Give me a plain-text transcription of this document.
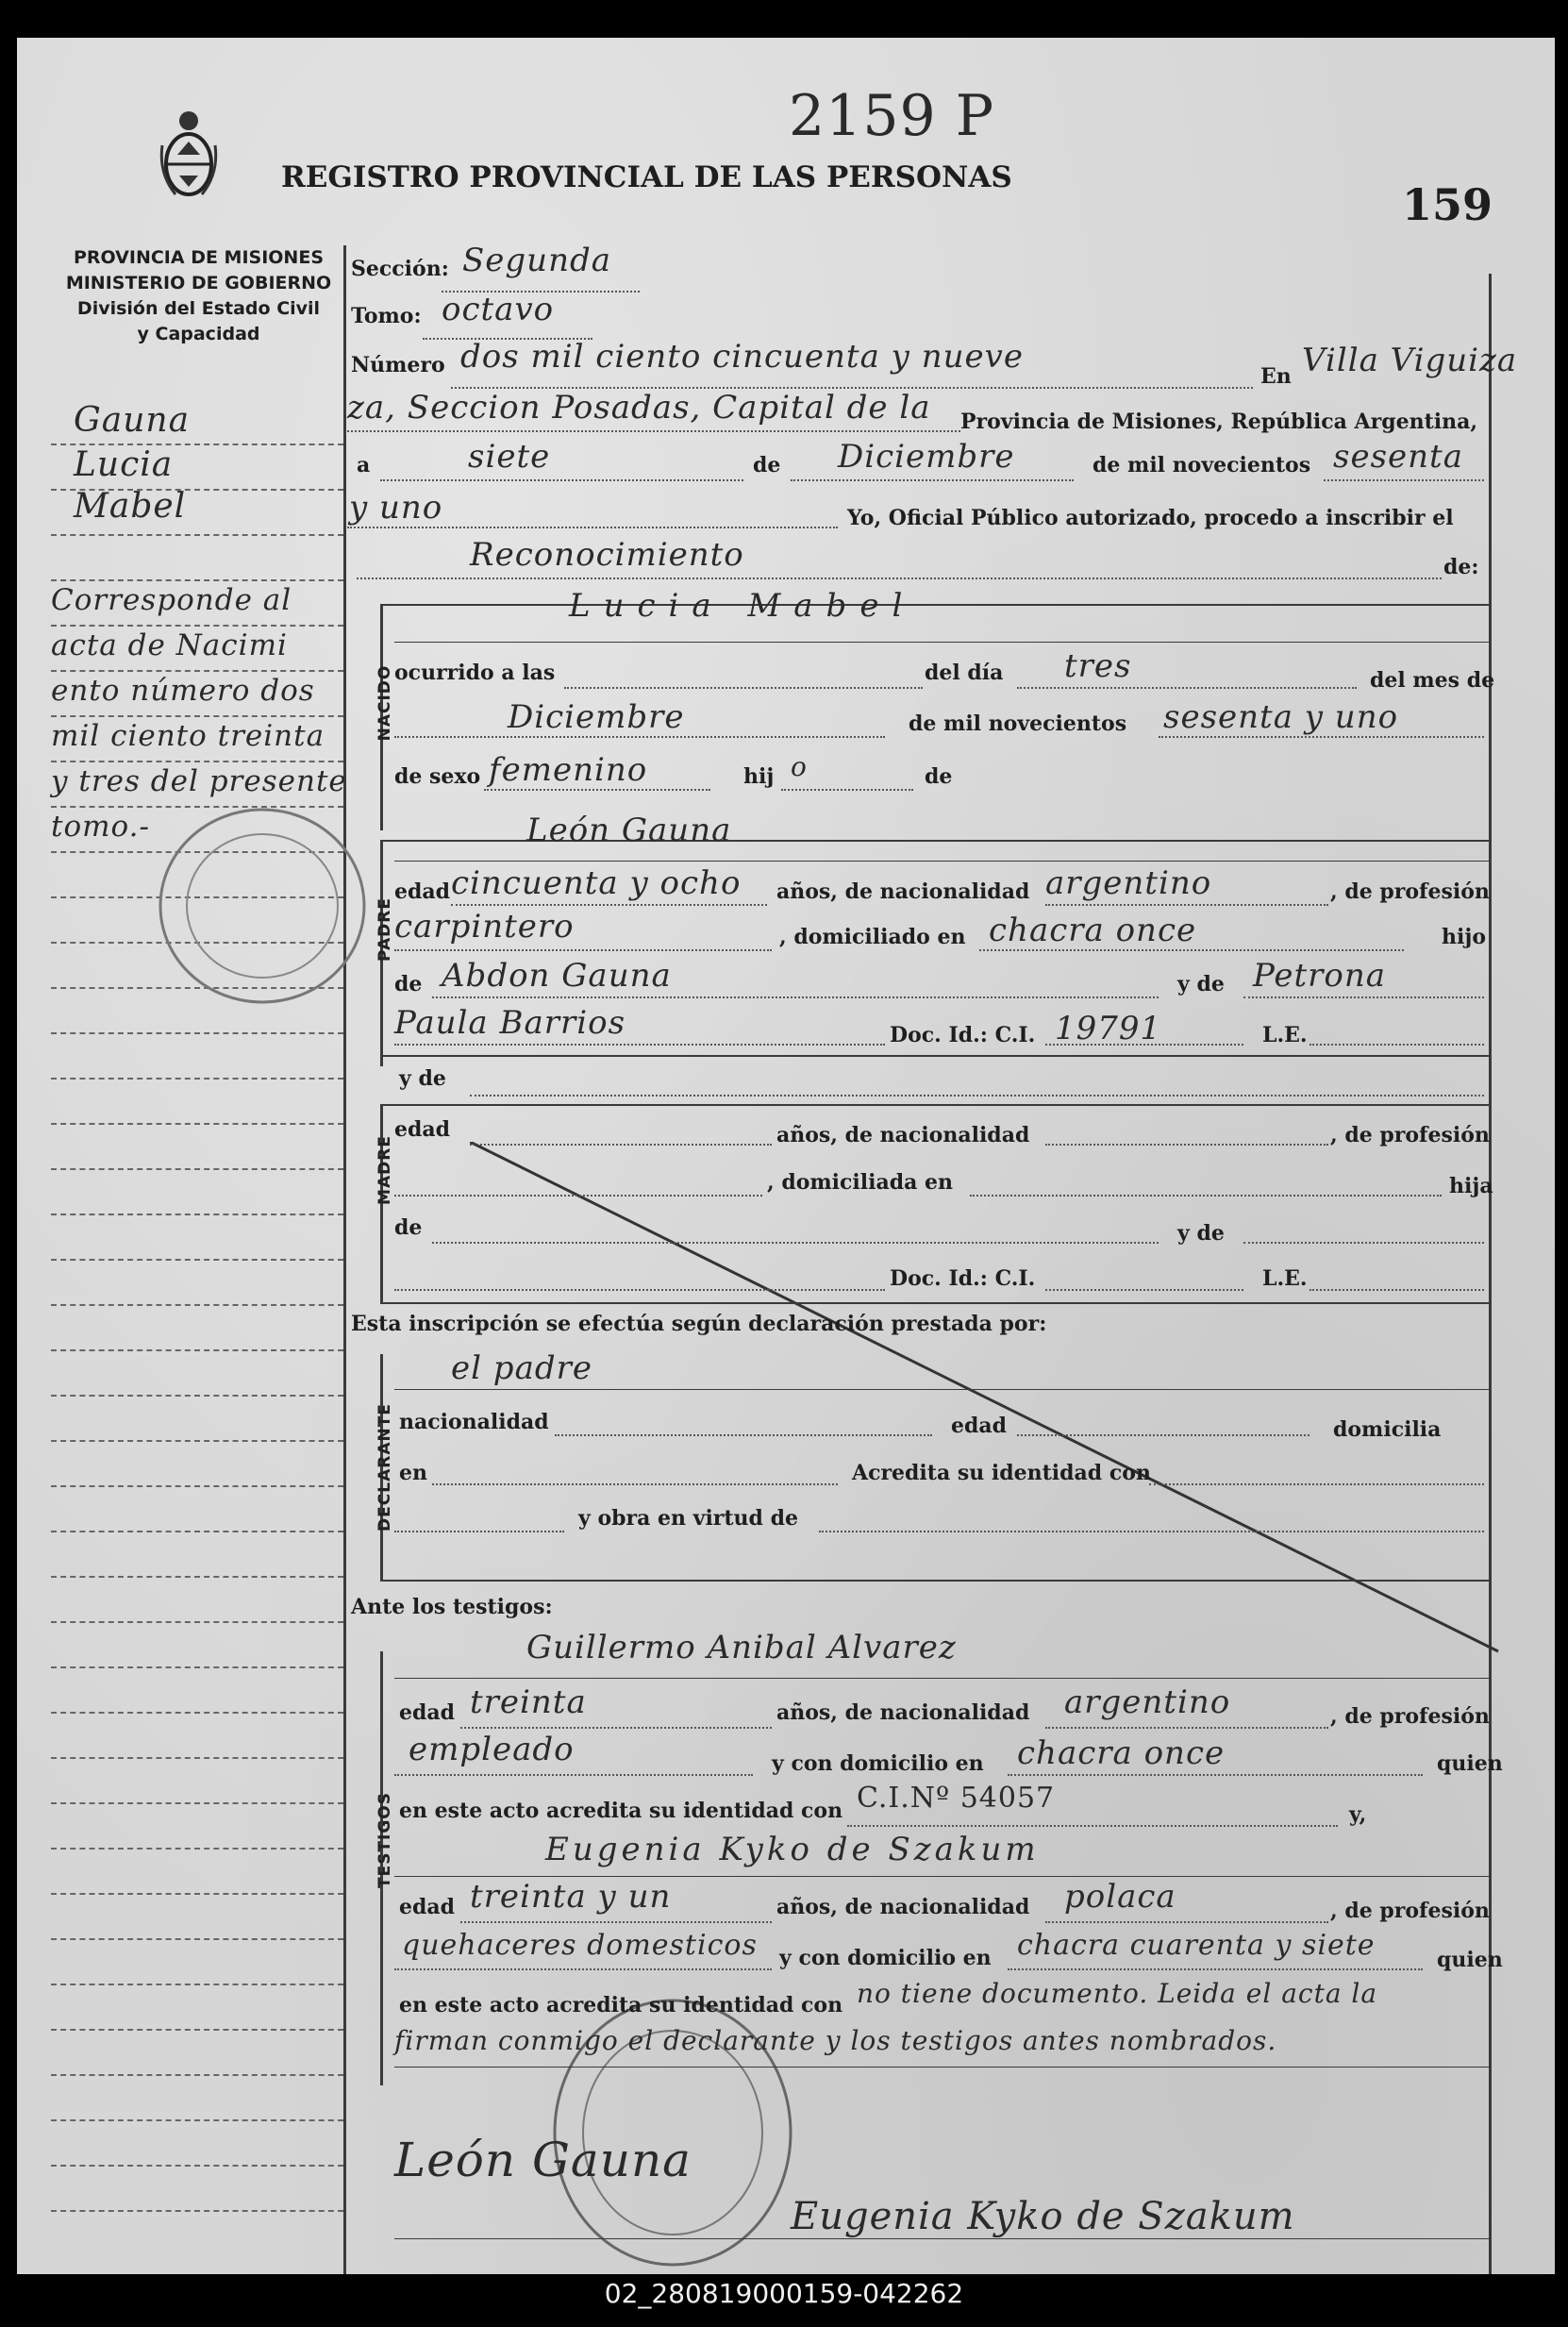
2159 P
REGISTRO PROVINCIAL DE LAS PERSONAS
159
PROVINCIA DE MISIONES
MINISTERIO DE GOBIERNO
División del Estado Civil
y Capacidad
Gauna
Lucia
Mabel
Corresponde al
acta de Nacimi
ento número dos
mil ciento treinta
y tres del presente
tomo.-
Sección: Segunda
Tomo: octavo
Número dos mil ciento cincuenta y nueve
En Villa Viguiza
za, Seccion Posadas, Capital de la Provincia de Misiones, República Argentina,
a	siete	de Diciembre	de mil novecientos sesenta
y uno	Yo, Oficial Público autorizado, procedo a inscribir el
Reconocimiento	de:
NACIDO
Lucia Mabel
ocurrido a las	del día tres	del mes de
Diciembre	de mil novecientos sesenta y uno
de sexo femenino	hij o	de
PADRE
León Gauna
edad cincuenta y ocho años, de nacionalidad argentino	, de profesión
carpintero	, domiciliado en chacra once	hijo
de Abdon Gauna	y de Petrona
Paula Barrios	Doc. Id.: C.I. 19791	L.E.
y de
MADRE
edad	años, de nacionalidad	, de profesión
, domiciliada en	hija
de	y de
Doc. Id.: C.I.	L.E.
Esta inscripción se efectúa según declaración prestada por:
DECLARANTE
el padre
nacionalidad	edad	domicilia
en	Acredita su identidad con
y obra en virtud de
Ante los testigos:
TESTIGOS
Guillermo Anibal Alvarez
edad treinta	años, de nacionalidad argentino	, de profesión
empleado	y con domicilio en chacra once	quien
en este acto acredita su identidad con C.I.Nº 54057	y,
Eugenia Kyko de Szakum
edad treinta y un	años, de nacionalidad polaca	, de profesión
quehaceres domesticos y con domicilio en chacra cuarenta y siete	quien
en este acto acredita su identidad con no tiene documento. Leida el acta la
firman conmigo el declarante y los testigos antes nombrados.
León Gauna
Eugenia Kyko de Szakum
02_280819000159-042262
